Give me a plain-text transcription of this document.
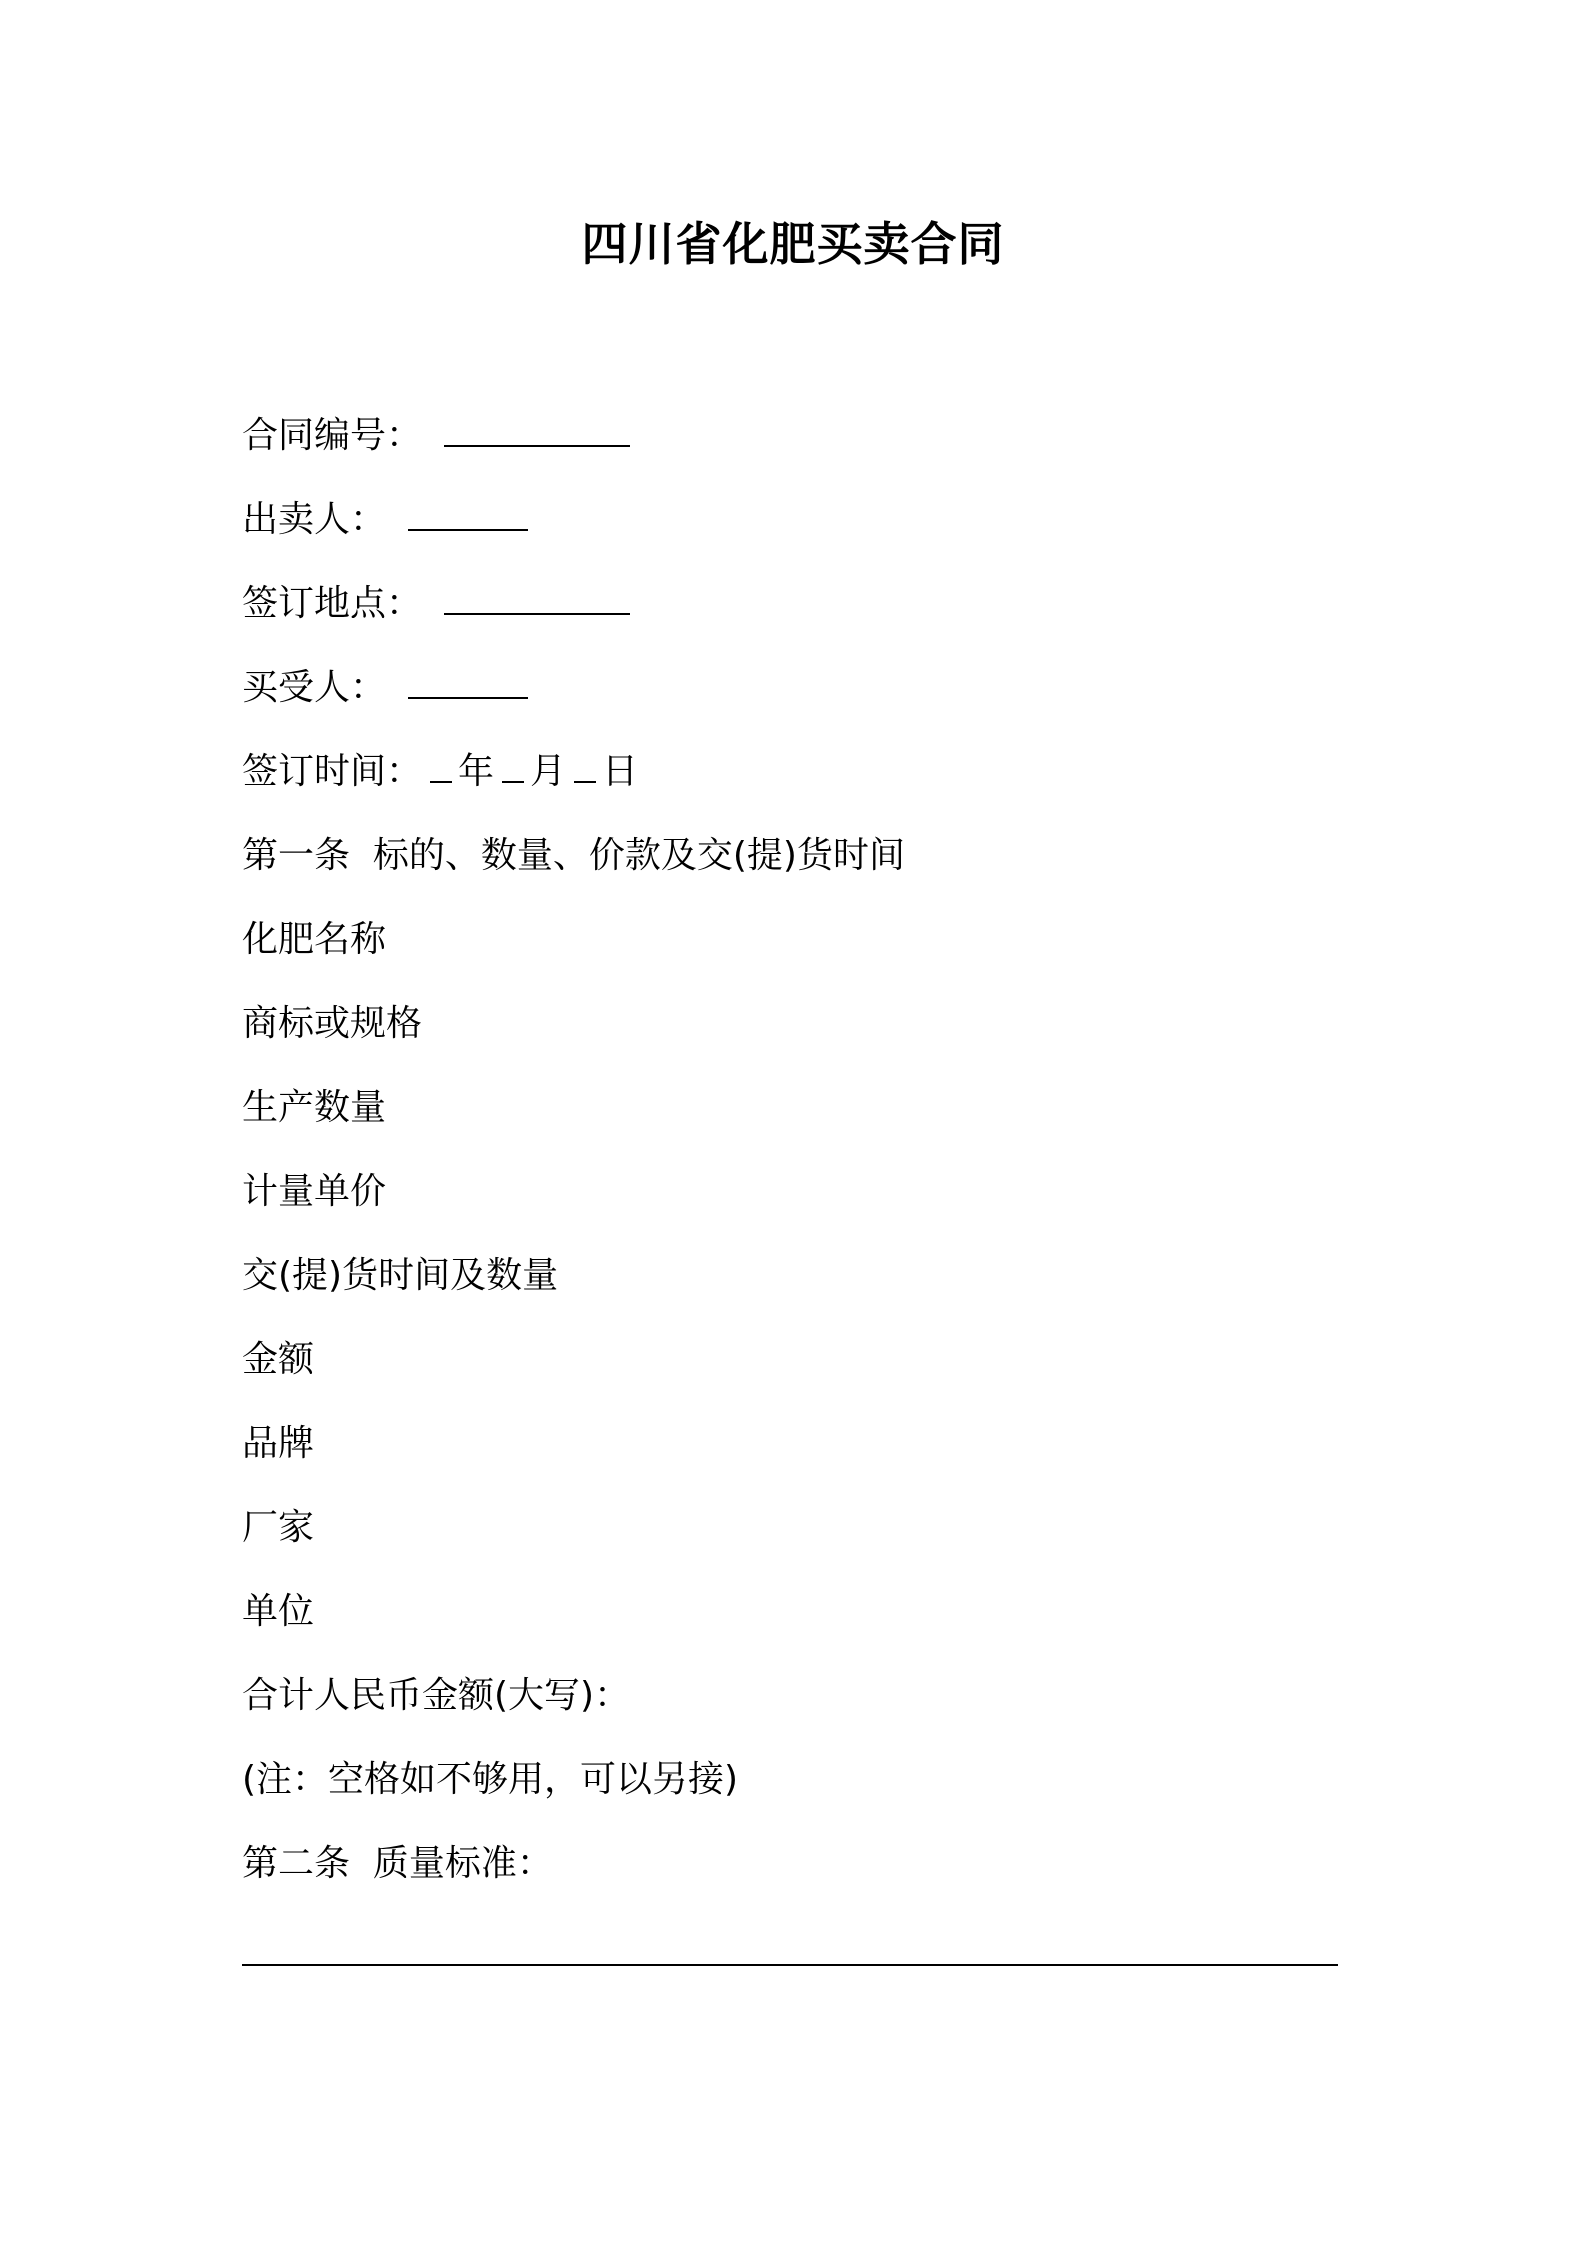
四川省化肥买卖合同
合同编号：
出卖人：
签订地点：
买受人：
签订时间： 年 月 日
第一条  标的、数量、价款及交(提)货时间
化肥名称
商标或规格
生产数量
计量单价
交(提)货时间及数量
金额
品牌
厂家
单位
合计人民币金额(大写)：
(注：空格如不够用，可以另接)
第二条  质量标准：
